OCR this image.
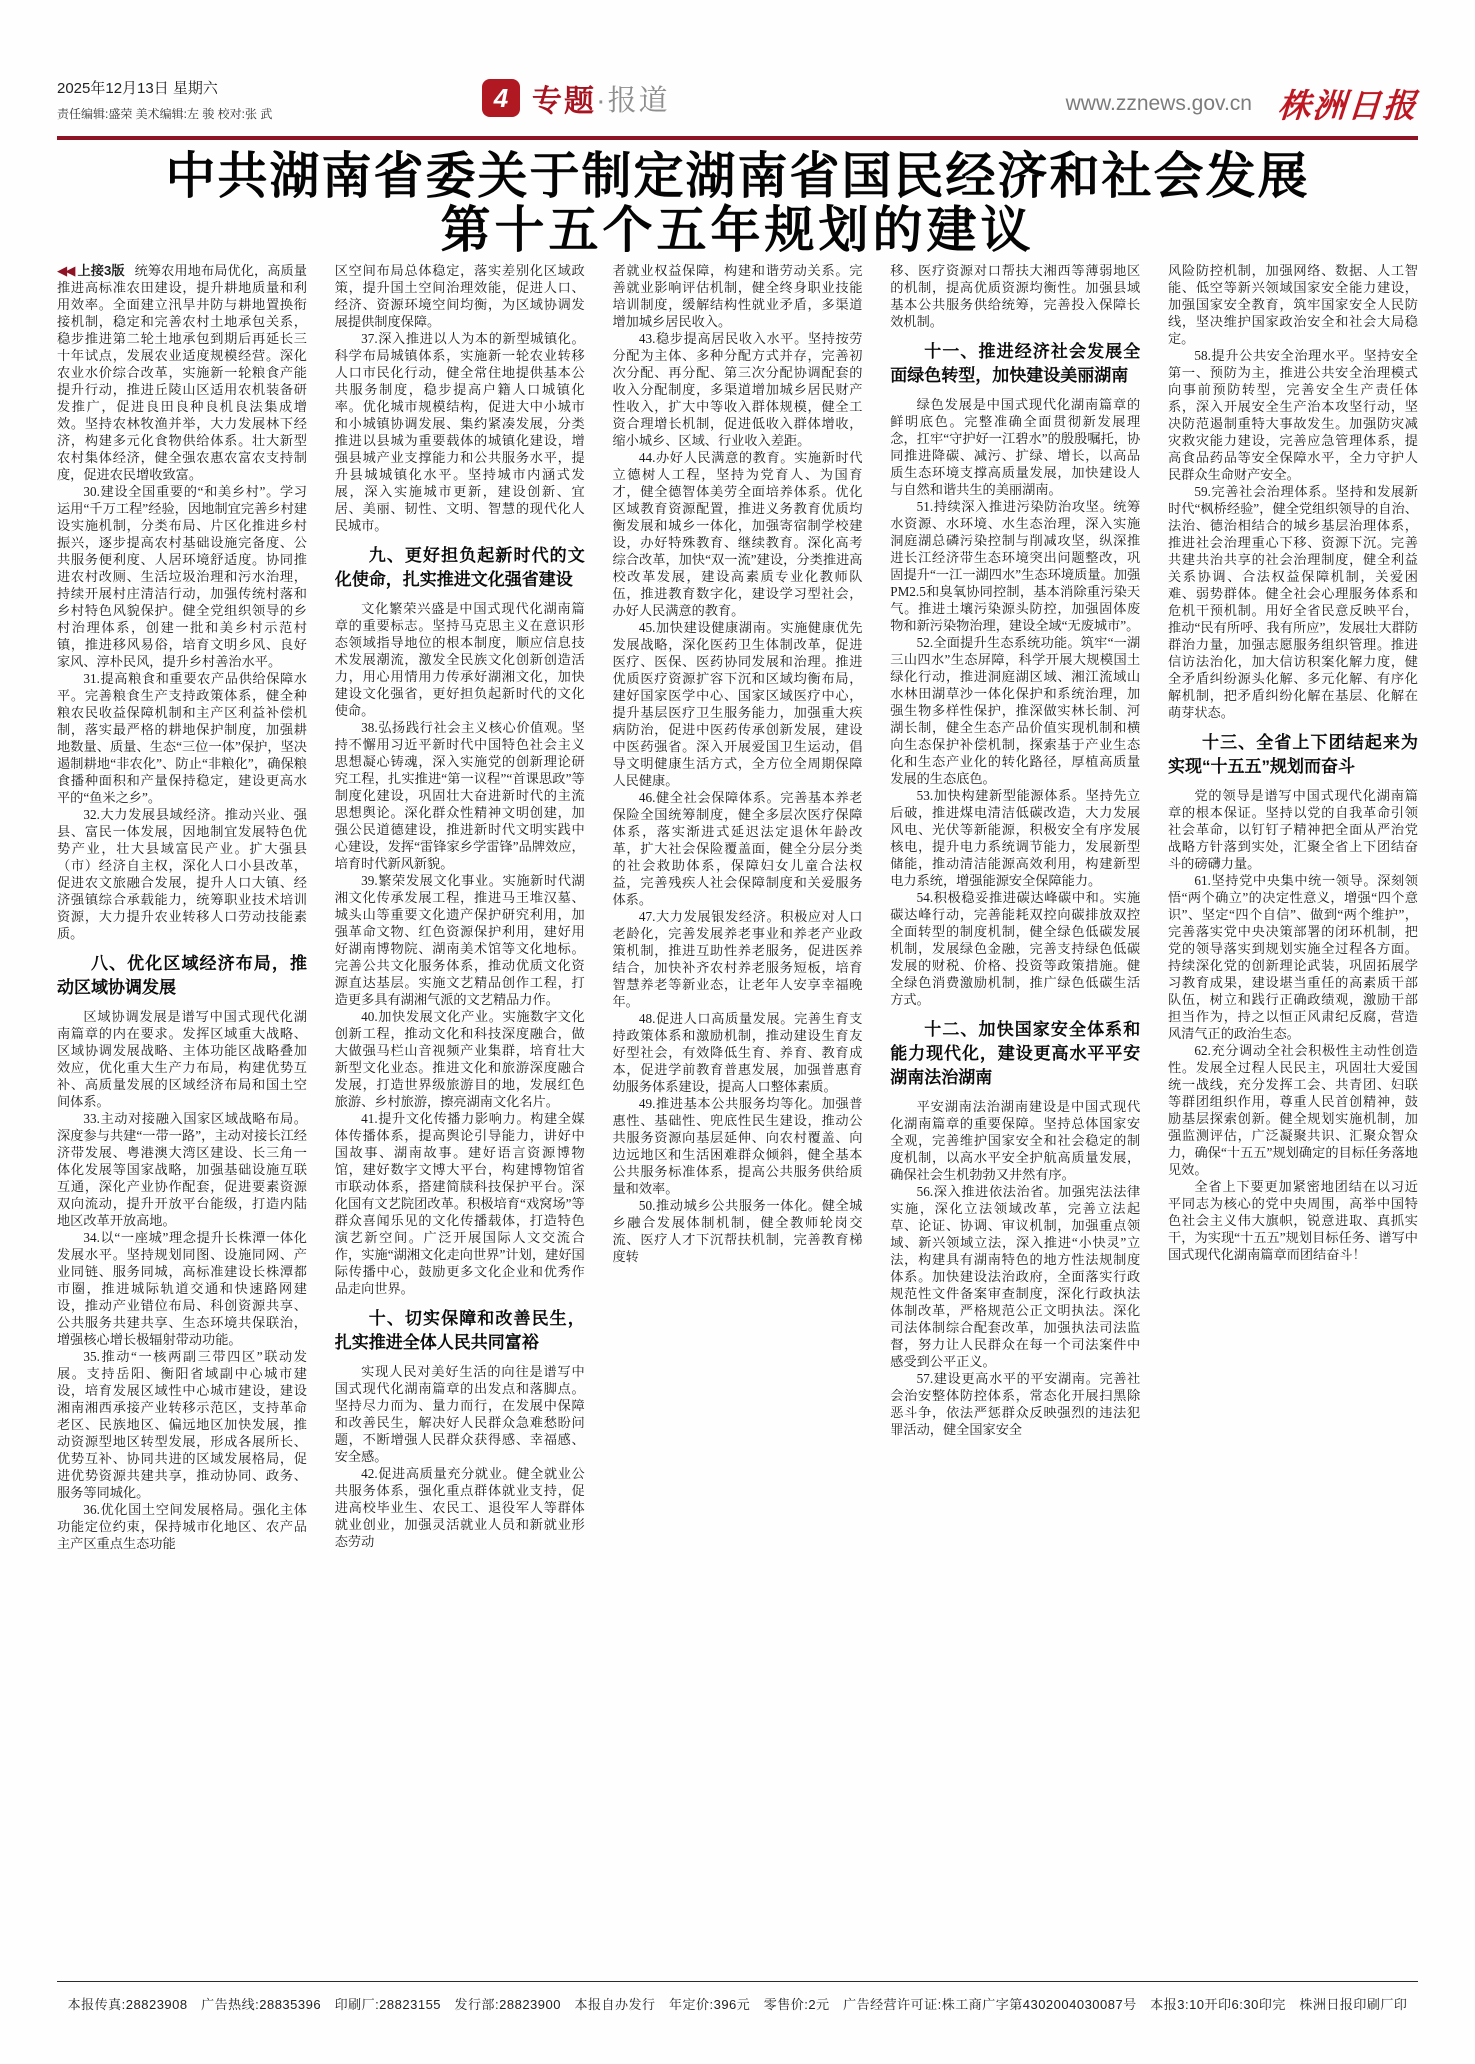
2025年12月13日 星期六
责任编辑:盛荣 美术编辑:左 骏 校对:张 武
4 专题 ·报道	www.zznews.gov.cn 株洲日报
中共湖南省委关于制定湖南省国民经济和社会发展
第十五个五年规划的建议

◀◀ 上接3版 统筹农用地布局优化，高质量推进高标准农田建设，提升耕地质量和利用效率。全面建立汛旱井防与耕地置换衔接机制，稳定和完善农村土地承包关系，稳步推进第二轮土地承包到期后再延长三十年试点，发展农业适度规模经营。深化农业水价综合改革，实施新一轮粮食产能提升行动，推进丘陵山区适用农机装备研发推广，促进良田良种良机良法集成增效。坚持农林牧渔并举，大力发展林下经济，构建多元化食物供给体系。壮大新型农村集体经济，健全强农惠农富农支持制度，促进农民增收致富。

30.建设全国重要的“和美乡村”。学习运用“千万工程”经验，因地制宜完善乡村建设实施机制，分类布局、片区化推进乡村振兴，逐步提高农村基础设施完备度、公共服务便利度、人居环境舒适度。协同推进农村改厕、生活垃圾治理和污水治理，持续开展村庄清洁行动，加强传统村落和乡村特色风貌保护。健全党组织领导的乡村治理体系，创建一批和美乡村示范村镇，推进移风易俗，培育文明乡风、良好家风、淳朴民风，提升乡村善治水平。

31.提高粮食和重要农产品供给保障水平。完善粮食生产支持政策体系，健全种粮农民收益保障机制和主产区利益补偿机制，落实最严格的耕地保护制度，加强耕地数量、质量、生态“三位一体”保护，坚决遏制耕地“非农化”、防止“非粮化”，确保粮食播种面积和产量保持稳定，建设更高水平的“鱼米之乡”。

32.大力发展县域经济。推动兴业、强县、富民一体发展，因地制宜发展特色优势产业，壮大县域富民产业。扩大强县（市）经济自主权，深化人口小县改革，促进农文旅融合发展，提升人口大镇、经济强镇综合承载能力，统筹职业技术培训资源，大力提升农业转移人口劳动技能素质。

八、优化区域经济布局，推动区域协调发展

区域协调发展是谱写中国式现代化湖南篇章的内在要求。发挥区域重大战略、区域协调发展战略、主体功能区战略叠加效应，优化重大生产力布局，构建优势互补、高质量发展的区域经济布局和国土空间体系。

33.主动对接融入国家区域战略布局。深度参与共建“一带一路”，主动对接长江经济带发展、粤港澳大湾区建设、长三角一体化发展等国家战略，加强基础设施互联互通，深化产业协作配套，促进要素资源双向流动，提升开放平台能级，打造内陆地区改革开放高地。

34.以“一座城”理念提升长株潭一体化发展水平。坚持规划同图、设施同网、产业同链、服务同城，高标准建设长株潭都市圈，推进城际轨道交通和快速路网建设，推动产业错位布局、科创资源共享、公共服务共建共享、生态环境共保联治，增强核心增长极辐射带动功能。

35.推动“一核两副三带四区”联动发展。支持岳阳、衡阳省域副中心城市建设，培育发展区域性中心城市建设，建设湘南湘西承接产业转移示范区，支持革命老区、民族地区、偏远地区加快发展，推动资源型地区转型发展，形成各展所长、优势互补、协同共进的区域发展格局，促进优势资源共建共享，推动协同、政务、服务等同城化。

36.优化国土空间发展格局。强化主体功能定位约束，保持城市化地区、农产品主产区重点生态功能

区空间布局总体稳定，落实差别化区域政策，提升国土空间治理效能，促进人口、经济、资源环境空间均衡，为区域协调发展提供制度保障。

37.深入推进以人为本的新型城镇化。科学布局城镇体系，实施新一轮农业转移人口市民化行动，健全常住地提供基本公共服务制度，稳步提高户籍人口城镇化率。优化城市规模结构，促进大中小城市和小城镇协调发展、集约紧凑发展，分类推进以县城为重要载体的城镇化建设，增强县城产业支撑能力和公共服务水平，提升县城城镇化水平。坚持城市内涵式发展，深入实施城市更新，建设创新、宜居、美丽、韧性、文明、智慧的现代化人民城市。

九、更好担负起新时代的文化使命，扎实推进文化强省建设

文化繁荣兴盛是中国式现代化湖南篇章的重要标志。坚持马克思主义在意识形态领域指导地位的根本制度，顺应信息技术发展潮流，激发全民族文化创新创造活力，用心用情用力传承好湖湘文化，加快建设文化强省，更好担负起新时代的文化使命。

38.弘扬践行社会主义核心价值观。坚持不懈用习近平新时代中国特色社会主义思想凝心铸魂，深入实施党的创新理论研究工程，扎实推进“第一议程”“首课思政”等制度化建设，巩固壮大奋进新时代的主流思想舆论。深化群众性精神文明创建，加强公民道德建设，推进新时代文明实践中心建设，发挥“雷锋家乡学雷锋”品牌效应，培育时代新风新貌。

39.繁荣发展文化事业。实施新时代湖湘文化传承发展工程，推进马王堆汉墓、城头山等重要文化遗产保护研究利用，加强革命文物、红色资源保护利用，建好用好湖南博物院、湖南美术馆等文化地标。完善公共文化服务体系，推动优质文化资源直达基层。实施文艺精品创作工程，打造更多具有湖湘气派的文艺精品力作。

40.加快发展文化产业。实施数字文化创新工程，推动文化和科技深度融合，做大做强马栏山音视频产业集群，培育壮大新型文化业态。推进文化和旅游深度融合发展，打造世界级旅游目的地，发展红色旅游、乡村旅游，擦亮湖南文化名片。

41.提升文化传播力影响力。构建全媒体传播体系，提高舆论引导能力，讲好中国故事、湖南故事。建好语言资源博物馆，建好数字文博大平台，构建博物馆省市联动体系，搭建简牍科技保护平台。深化国有文艺院团改革。积极培育“戏窝场”等群众喜闻乐见的文化传播载体，打造特色演艺新空间。广泛开展国际人文交流合作，实施“湖湘文化走向世界”计划，建好国际传播中心，鼓励更多文化企业和优秀作品走向世界。

十、切实保障和改善民生，扎实推进全体人民共同富裕

实现人民对美好生活的向往是谱写中国式现代化湖南篇章的出发点和落脚点。坚持尽力而为、量力而行，在发展中保障和改善民生，解决好人民群众急难愁盼问题，不断增强人民群众获得感、幸福感、安全感。

42.促进高质量充分就业。健全就业公共服务体系，强化重点群体就业支持，促进高校毕业生、农民工、退役军人等群体就业创业，加强灵活就业人员和新就业形态劳动

者就业权益保障，构建和谐劳动关系。完善就业影响评估机制，健全终身职业技能培训制度，缓解结构性就业矛盾，多渠道增加城乡居民收入。

43.稳步提高居民收入水平。坚持按劳分配为主体、多种分配方式并存，完善初次分配、再分配、第三次分配协调配套的收入分配制度，多渠道增加城乡居民财产性收入，扩大中等收入群体规模，健全工资合理增长机制，促进低收入群体增收，缩小城乡、区域、行业收入差距。

44.办好人民满意的教育。实施新时代立德树人工程，坚持为党育人、为国育才，健全德智体美劳全面培养体系。优化区域教育资源配置，推进义务教育优质均衡发展和城乡一体化，加强寄宿制学校建设，办好特殊教育、继续教育。深化高考综合改革，加快“双一流”建设，分类推进高校改革发展，建设高素质专业化教师队伍，推进教育数字化，建设学习型社会，办好人民满意的教育。

45.加快建设健康湖南。实施健康优先发展战略，深化医药卫生体制改革，促进医疗、医保、医药协同发展和治理。推进优质医疗资源扩容下沉和区域均衡布局，建好国家医学中心、国家区域医疗中心，提升基层医疗卫生服务能力，加强重大疾病防治，促进中医药传承创新发展，建设中医药强省。深入开展爱国卫生运动，倡导文明健康生活方式，全方位全周期保障人民健康。

46.健全社会保障体系。完善基本养老保险全国统筹制度，健全多层次医疗保障体系，落实渐进式延迟法定退休年龄改革，扩大社会保险覆盖面，健全分层分类的社会救助体系，保障妇女儿童合法权益，完善残疾人社会保障制度和关爱服务体系。

47.大力发展银发经济。积极应对人口老龄化，完善发展养老事业和养老产业政策机制，推进互助性养老服务，促进医养结合，加快补齐农村养老服务短板，培育智慧养老等新业态，让老年人安享幸福晚年。

48.促进人口高质量发展。完善生育支持政策体系和激励机制，推动建设生育友好型社会，有效降低生育、养育、教育成本，促进学前教育普惠发展，加强普惠育幼服务体系建设，提高人口整体素质。

49.推进基本公共服务均等化。加强普惠性、基础性、兜底性民生建设，推动公共服务资源向基层延伸、向农村覆盖、向边远地区和生活困难群众倾斜，健全基本公共服务标准体系，提高公共服务供给质量和效率。

50.推动城乡公共服务一体化。健全城乡融合发展体制机制，健全教师轮岗交流、医疗人才下沉帮扶机制，完善教育梯度转

移、医疗资源对口帮扶大湘西等薄弱地区的机制，提高优质资源均衡性。加强县域基本公共服务供给统筹，完善投入保障长效机制。

十一、推进经济社会发展全面绿色转型，加快建设美丽湖南

绿色发展是中国式现代化湖南篇章的鲜明底色。完整准确全面贯彻新发展理念，扛牢“守护好一江碧水”的殷殷嘱托，协同推进降碳、减污、扩绿、增长，以高品质生态环境支撑高质量发展，加快建设人与自然和谐共生的美丽湖南。

51.持续深入推进污染防治攻坚。统筹水资源、水环境、水生态治理，深入实施洞庭湖总磷污染控制与削减攻坚，纵深推进长江经济带生态环境突出问题整改，巩固提升“一江一湖四水”生态环境质量。加强PM2.5和臭氧协同控制，基本消除重污染天气。推进土壤污染源头防控，加强固体废物和新污染物治理，建设全域“无废城市”。

52.全面提升生态系统功能。筑牢“一湖三山四水”生态屏障，科学开展大规模国土绿化行动，推进洞庭湖区域、湘江流域山水林田湖草沙一体化保护和系统治理，加强生物多样性保护，推深做实林长制、河湖长制，健全生态产品价值实现机制和横向生态保护补偿机制，探索基于产业生态化和生态产业化的转化路径，厚植高质量发展的生态底色。

53.加快构建新型能源体系。坚持先立后破，推进煤电清洁低碳改造，大力发展风电、光伏等新能源，积极安全有序发展核电，提升电力系统调节能力，发展新型储能，推动清洁能源高效利用，构建新型电力系统，增强能源安全保障能力。

54.积极稳妥推进碳达峰碳中和。实施碳达峰行动，完善能耗双控向碳排放双控全面转型的制度机制，健全绿色低碳发展机制，发展绿色金融，完善支持绿色低碳发展的财税、价格、投资等政策措施。健全绿色消费激励机制，推广绿色低碳生活方式。

十二、加快国家安全体系和能力现代化，建设更高水平平安湖南法治湖南

平安湖南法治湖南建设是中国式现代化湖南篇章的重要保障。坚持总体国家安全观，完善维护国家安全和社会稳定的制度机制，以高水平安全护航高质量发展，确保社会生机勃勃又井然有序。

56.深入推进依法治省。加强宪法法律实施，深化立法领域改革，完善立法起草、论证、协调、审议机制，加强重点领域、新兴领域立法，深入推进“小快灵”立法，构建具有湖南特色的地方性法规制度体系。加快建设法治政府，全面落实行政规范性文件备案审查制度，深化行政执法体制改革，严格规范公正文明执法。深化司法体制综合配套改革，加强执法司法监督，努力让人民群众在每一个司法案件中感受到公平正义。

57.建设更高水平的平安湖南。完善社会治安整体防控体系，常态化开展扫黑除恶斗争，依法严惩群众反映强烈的违法犯罪活动，健全国家安全

风险防控机制，加强网络、数据、人工智能、低空等新兴领域国家安全能力建设，加强国家安全教育，筑牢国家安全人民防线，坚决维护国家政治安全和社会大局稳定。

58.提升公共安全治理水平。坚持安全第一、预防为主，推进公共安全治理模式向事前预防转型，完善安全生产责任体系，深入开展安全生产治本攻坚行动，坚决防范遏制重特大事故发生。加强防灾减灾救灾能力建设，完善应急管理体系，提高食品药品等安全保障水平，全力守护人民群众生命财产安全。

59.完善社会治理体系。坚持和发展新时代“枫桥经验”，健全党组织领导的自治、法治、德治相结合的城乡基层治理体系，推进社会治理重心下移、资源下沉。完善共建共治共享的社会治理制度，健全利益关系协调、合法权益保障机制，关爱困难、弱势群体。健全社会心理服务体系和危机干预机制。用好全省民意反映平台，推动“民有所呼、我有所应”，发展壮大群防群治力量，加强志愿服务组织管理。推进信访法治化，加大信访积案化解力度，健全矛盾纠纷源头化解、多元化解、有序化解机制，把矛盾纠纷化解在基层、化解在萌芽状态。

十三、全省上下团结起来为实现“十五五”规划而奋斗

党的领导是谱写中国式现代化湖南篇章的根本保证。坚持以党的自我革命引领社会革命，以钉钉子精神把全面从严治党战略方针落到实处，汇聚全省上下团结奋斗的磅礴力量。

61.坚持党中央集中统一领导。深刻领悟“两个确立”的决定性意义，增强“四个意识”、坚定“四个自信”、做到“两个维护”，完善落实党中央决策部署的闭环机制，把党的领导落实到规划实施全过程各方面。持续深化党的创新理论武装，巩固拓展学习教育成果，建设堪当重任的高素质干部队伍，树立和践行正确政绩观，激励干部担当作为，持之以恒正风肃纪反腐，营造风清气正的政治生态。

62.充分调动全社会积极性主动性创造性。发展全过程人民民主，巩固壮大爱国统一战线，充分发挥工会、共青团、妇联等群团组织作用，尊重人民首创精神，鼓励基层探索创新。健全规划实施机制，加强监测评估，广泛凝聚共识、汇聚众智众力，确保“十五五”规划确定的目标任务落地见效。

全省上下要更加紧密地团结在以习近平同志为核心的党中央周围，高举中国特色社会主义伟大旗帜，锐意进取、真抓实干，为实现“十五五”规划目标任务、谱写中国式现代化湖南篇章而团结奋斗！

本报传真:28823908　广告热线:28835396　印刷厂:28823155　发行部:28823900　本报自办发行　年定价:396元　零售价:2元　广告经营许可证:株工商广字第4302004030087号　本报3:10开印6:30印完　株洲日报印刷厂印
